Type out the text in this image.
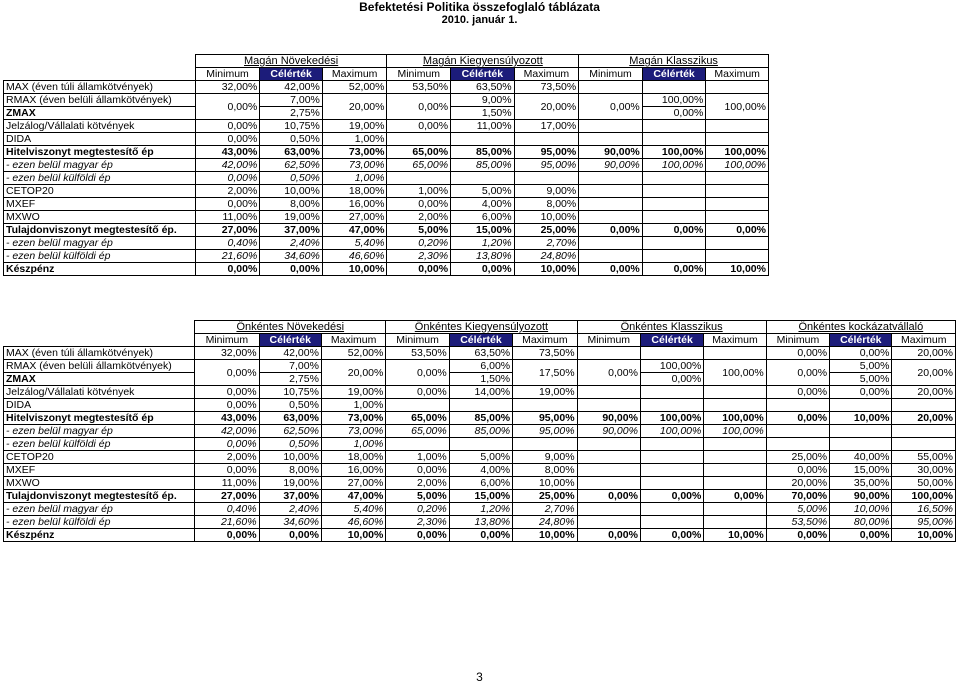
Befektetési Politika összefoglaló táblázata
2010. január 1.
	Magán Növekedési			Magán Kiegyensúlyozott			Magán Klasszikus		
	Minimum	Célérték	Maximum	Minimum	Célérték	Maximum	Minimum	Célérték	Maximum
MAX (éven túli államkötvények)	32,00%	42,00%	52,00%	53,50%	63,50%	73,50%			
RMAX (éven belüli államkötvények)	0,00%	7,00%	20,00%	0,00%	9,00%	20,00%	0,00%	100,00%	100,00%
ZMAX		2,75%			1,50%			0,00%	
Jelzálog/Vállalati kötvények	0,00%	10,75%	19,00%	0,00%	11,00%	17,00%			
DIDA	0,00%	0,50%	1,00%						
Hitelviszonyt megtestesítő ép	43,00%	63,00%	73,00%	65,00%	85,00%	95,00%	90,00%	100,00%	100,00%
- ezen belül magyar ép	42,00%	62,50%	73,00%	65,00%	85,00%	95,00%	90,00%	100,00%	100,00%
- ezen belül külföldi ép	0,00%	0,50%	1,00%						
CETOP20	2,00%	10,00%	18,00%	1,00%	5,00%	9,00%			
MXEF	0,00%	8,00%	16,00%	0,00%	4,00%	8,00%			
MXWO	11,00%	19,00%	27,00%	2,00%	6,00%	10,00%			
Tulajdonviszonyt megtestesítő ép.	27,00%	37,00%	47,00%	5,00%	15,00%	25,00%	0,00%	0,00%	0,00%
- ezen belül magyar ép	0,40%	2,40%	5,40%	0,20%	1,20%	2,70%			
- ezen belül külföldi ép	21,60%	34,60%	46,60%	2,30%	13,80%	24,80%			
Készpénz	0,00%	0,00%	10,00%	0,00%	0,00%	10,00%	0,00%	0,00%	10,00%
	Önkéntes Növekedési			Önkéntes Kiegyensúlyozott			Önkéntes Klasszikus			Önkéntes kockázatvállaló		
	Minimum	Célérték	Maximum	Minimum	Célérték	Maximum	Minimum	Célérték	Maximum	Minimum	Célérték	Maximum
MAX (éven túli államkötvények)	32,00%	42,00%	52,00%	53,50%	63,50%	73,50%				0,00%	0,00%	20,00%
RMAX (éven belüli államkötvények)	0,00%	7,00%	20,00%	0,00%	6,00%	17,50%	0,00%	100,00%	100,00%	0,00%	5,00%	20,00%
ZMAX		2,75%			1,50%			0,00%			5,00%	
Jelzálog/Vállalati kötvények	0,00%	10,75%	19,00%	0,00%	14,00%	19,00%				0,00%	0,00%	20,00%
DIDA	0,00%	0,50%	1,00%									
Hitelviszonyt megtestesítő ép	43,00%	63,00%	73,00%	65,00%	85,00%	95,00%	90,00%	100,00%	100,00%	0,00%	10,00%	20,00%
- ezen belül magyar ép	42,00%	62,50%	73,00%	65,00%	85,00%	95,00%	90,00%	100,00%	100,00%			
- ezen belül külföldi ép	0,00%	0,50%	1,00%									
CETOP20	2,00%	10,00%	18,00%	1,00%	5,00%	9,00%				25,00%	40,00%	55,00%
MXEF	0,00%	8,00%	16,00%	0,00%	4,00%	8,00%				0,00%	15,00%	30,00%
MXWO	11,00%	19,00%	27,00%	2,00%	6,00%	10,00%				20,00%	35,00%	50,00%
Tulajdonviszonyt megtestesítő ép.	27,00%	37,00%	47,00%	5,00%	15,00%	25,00%	0,00%	0,00%	0,00%	70,00%	90,00%	100,00%
- ezen belül magyar ép	0,40%	2,40%	5,40%	0,20%	1,20%	2,70%				5,00%	10,00%	16,50%
- ezen belül külföldi ép	21,60%	34,60%	46,60%	2,30%	13,80%	24,80%				53,50%	80,00%	95,00%
Készpénz	0,00%	0,00%	10,00%	0,00%	0,00%	10,00%	0,00%	0,00%	10,00%	0,00%	0,00%	10,00%
3
